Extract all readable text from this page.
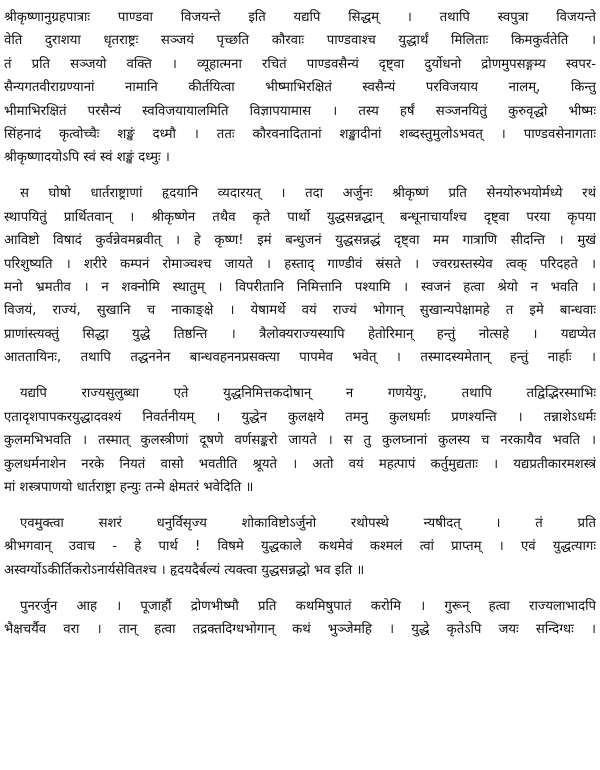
श्रीकृष्णानुग्रहपात्राः पाण्डवा विजयन्ते इति यद्यपि सिद्धम् । तथापि स्वपुत्रा विजयन्ते
वेति दुराशया धृतराष्ट्रः सञ्जयं पृच्छति कौरवाः पाण्डवाश्च युद्धार्थं मिलिताः किमकुर्वतेति ।
तं प्रति सञ्जयो वक्ति । व्यूहात्मना रचितं पाण्डवसैन्यं दृष्ट्वा दुर्योधनो द्रोणमुपसङ्गम्य स्वपर-
सैन्यगतवीराग्रण्यानां नामानि कीर्तयित्वा भीष्माभिरक्षितं स्वसैन्यं परविजयाय नालम्, किन्तु
भीमाभिरक्षितं परसैन्यं स्वविजयायालमिति विज्ञापयामास । तस्य हर्षं सञ्जनयितुं कुरुवृद्धो भीष्मः
सिंहनादं कृत्वोच्चैः शङ्खं दध्मौ । ततः कौरवनादितानां शङ्खादीनां शब्दस्तुमुलोऽभवत् । पाण्डवसेनागताः
श्रीकृष्णादयोऽपि स्वं स्वं शङ्खं दध्मुः ।
स घोषो धार्तराष्ट्राणां हृदयानि व्यदारयत् । तदा अर्जुनः श्रीकृष्णं प्रति सेनयोरुभयोर्मध्ये रथं
स्थापयितुं प्रार्थितवान् । श्रीकृष्णेन तथैव कृते पार्थो युद्धसन्नद्धान् बन्धूनाचार्यांश्च दृष्ट्वा परया कृपया
आविष्टो विषादं कुर्वन्नेवमब्रवीत् । हे कृष्ण! इमं बन्धुजनं युद्धसन्नद्धं दृष्ट्वा मम गात्राणि सीदन्ति । मुखं
परिशुष्यति । शरीरे कम्पनं रोमाञ्चश्च जायते । हस्ताद् गाण्डीवं स्रंसते । ज्वरग्रस्तस्येव त्वक् परिदहते ।
मनो भ्रमतीव । न शक्नोमि स्थातुम् । विपरीतानि निमित्तानि पश्यामि । स्वजनं हत्वा श्रेयो न भवति ।
विजयं, राज्यं, सुखानि च नाकाङ्क्षे । येषामर्थे वयं राज्यं भोगान् सुखान्यपेक्षामहे त इमे बान्धवाः
प्राणांस्त्यक्तुं सिद्धा युद्धे तिष्ठन्ति । त्रैलोक्यराज्यस्यापि हेतोरिमान् हन्तुं नोत्सहे । यद्यप्येत
आततायिनः, तथापि तद्धननेन बान्धवहननप्रसक्त्या पापमेव भवेत् । तस्मादस्यमेतान् हन्तुं नार्हाः ।
यद्यपि राज्यसुलुब्धा एते युद्धनिमित्तकदोषान् न गणयेयुः, तथापि तद्विद्भिरस्माभिः
एतादृशपापकरयुद्धादवश्यं निवर्तनीयम् । युद्धेन कुलक्षये तमनु कुलधर्माः प्रणश्यन्ति । तन्नाशेऽधर्मः
कुलमभिभवति । तस्मात् कुलस्त्रीणां दूषणे वर्णसङ्करो जायते । स तु कुलघ्नानां कुलस्य च नरकायैव भवति ।
कुलधर्मनाशेन नरके नियतं वासो भवतीति श्रूयते । अतो वयं महत्पापं कर्तुमुद्यताः । यद्यप्रतीकारमशस्त्रं
मां शस्त्रपाणयो धार्तराष्ट्रा हन्युः तन्मे क्षेमतरं भवेदिति ॥
एवमुक्त्वा सशरं धनुर्विसृज्य शोकाविष्टोऽर्जुनो रथोपस्थे न्यषीदत् । तं प्रति
श्रीभगवान् उवाच - हे पार्थ ! विषमे युद्धकाले कथमेवं कश्मलं त्वां प्राप्तम् । एवं युद्धत्यागः
अस्वर्ग्योऽकीर्तिकरोऽनार्यसेवितश्च । हृदयदैर्बल्यं त्यक्त्वा युद्धसन्नद्धो भव इति ॥
पुनरर्जुन आह । पूजार्हौ द्रोणभीष्मौ प्रति कथमिषुपातं करोमि । गुरून् हत्वा राज्यलाभादपि
भैक्षचर्यैव वरा । तान् हत्वा तद्रक्तदिग्धभोगान् कथं भुञ्जेमहि । युद्धे कृतेऽपि जयः सन्दिग्धः ।
